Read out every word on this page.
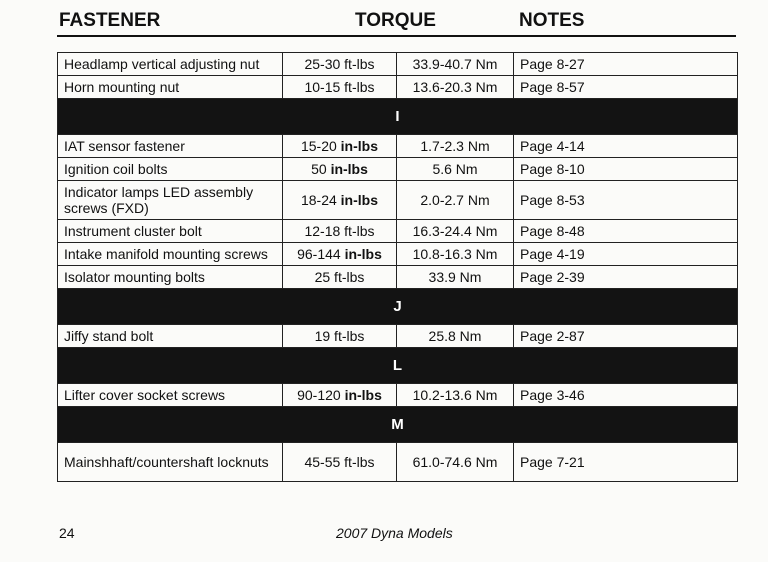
FASTENER	TORQUE	NOTES
Headlamp vertical adjusting nut	25-30 ft-lbs	33.9-40.7 Nm	Page 8-27
Horn mounting nut	10-15 ft-lbs	13.6-20.3 Nm	Page 8-57
I			
IAT sensor fastener	15-20 in-lbs	1.7-2.3 Nm	Page 4-14
Ignition coil bolts	50 in-lbs	5.6 Nm	Page 8-10
Indicator lamps LED assembly screws (FXD)	18-24 in-lbs	2.0-2.7 Nm	Page 8-53
Instrument cluster bolt	12-18 ft-lbs	16.3-24.4 Nm	Page 8-48
Intake manifold mounting screws	96-144 in-lbs	10.8-16.3 Nm	Page 4-19
Isolator mounting bolts	25 ft-lbs	33.9 Nm	Page 2-39
J			
Jiffy stand bolt	19 ft-lbs	25.8 Nm	Page 2-87
L			
Lifter cover socket screws	90-120 in-lbs	10.2-13.6 Nm	Page 3-46
M			
Mainshhaft/countershaft locknuts	45-55 ft-lbs	61.0-74.6 Nm	Page 7-21
24	2007 Dyna Models
